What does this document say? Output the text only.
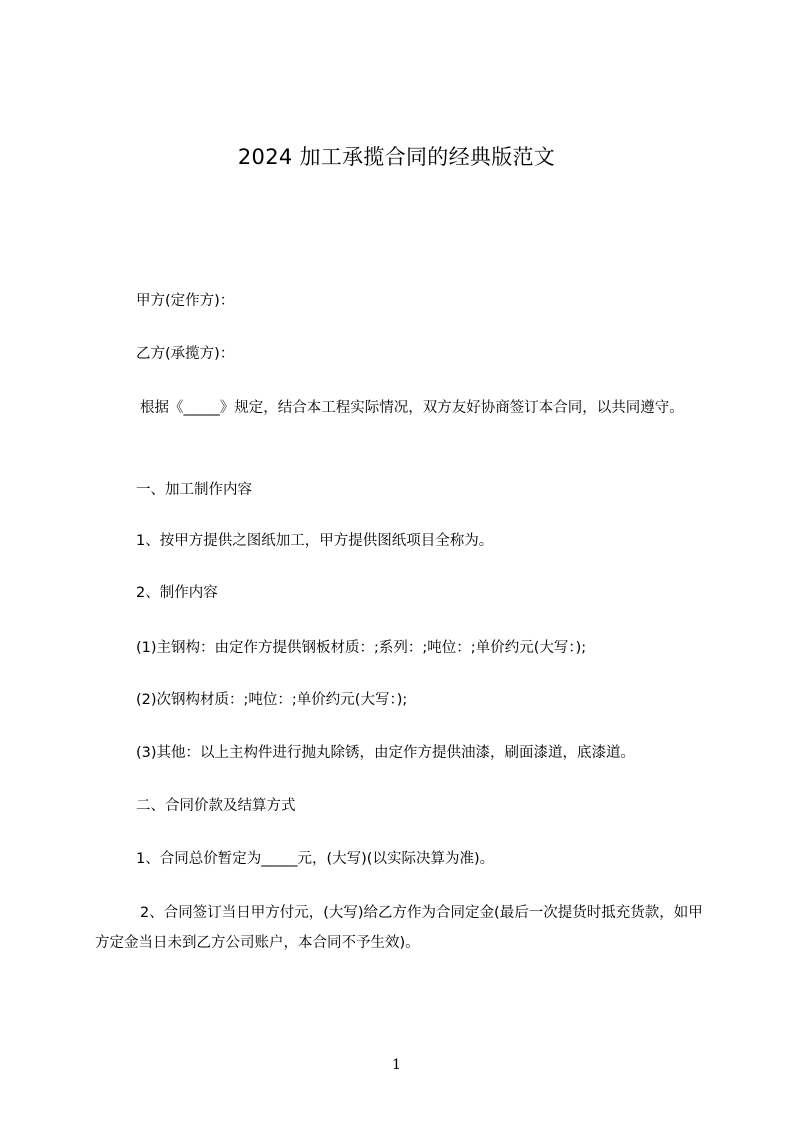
2024 加工承揽合同的经典版范文
甲方(定作方)：
乙方(承揽方)：
根据《_____》规定，结合本工程实际情况，双方友好协商签订本合同，以共同遵守。
一、加工制作内容
1、按甲方提供之图纸加工，甲方提供图纸项目全称为。
2、制作内容
(1)主钢构：由定作方提供钢板材质：;系列：;吨位：;单价约元(大写：);
(2)次钢构材质：;吨位：;单价约元(大写：);
(3)其他：以上主构件进行抛丸除锈，由定作方提供油漆，刷面漆道，底漆道。
二、合同价款及结算方式
1、合同总价暂定为_____元，(大写)(以实际决算为准)。
2、合同签订当日甲方付元，(大写)给乙方作为合同定金(最后一次提货时抵充货款，如甲方定金当日未到乙方公司账户，本合同不予生效)。
1
